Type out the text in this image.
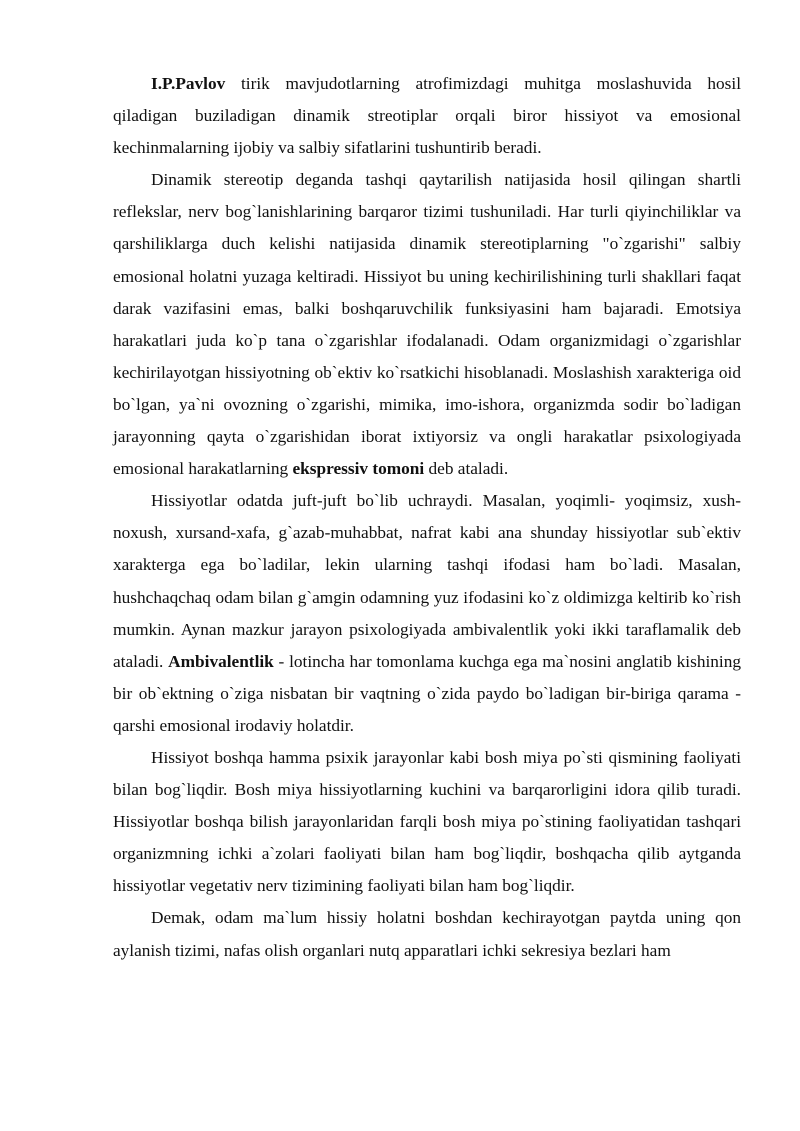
I.P.Pavlov tirik mavjudotlarning atrofimizdagi muhitga moslashuvida hosil qiladigan buziladigan dinamik streotiplar orqali biror hissiyot va emosional kechinmalarning ijobiy va salbiy sifatlarini tushuntirib beradi.

Dinamik stereotip deganda tashqi qaytarilish natijasida hosil qilingan shartli reflekslar, nerv bog`lanishlarining barqaror tizimi tushuniladi. Har turli qiyinchiliklar va qarshiliklarga duch kelishi natijasida dinamik stereotiplarning "o`zgarishi" salbiy emosional holatni yuzaga keltiradi. Hissiyot bu uning kechirilishining turli shakllari faqat darak vazifasini emas, balki boshqaruvchilik funksiyasini ham bajaradi. Emotsiya harakatlari juda ko`p tana o`zgarishlar ifodalanadi. Odam organizmidagi o`zgarishlar kechirilayotgan hissiyotning ob`ektiv ko`rsatkichi hisoblanadi. Moslashish xarakteriga oid bo`lgan, ya`ni ovozning o`zgarishi, mimika, imo-ishora, organizmda sodir bo`ladigan jarayonning qayta o`zgarishidan iborat ixtiyorsiz va ongli harakatlar psixologiyada emosional harakatlarning ekspressiv tomoni deb ataladi.

Hissiyotlar odatda juft-juft bo`lib uchraydi. Masalan, yoqimli- yoqimsiz, xush-noxush, xursand-xafa, g`azab-muhabbat, nafrat kabi ana shunday hissiyotlar sub`ektiv xarakterga ega bo`ladilar, lekin ularning tashqi ifodasi ham bo`ladi. Masalan, hushchaqchaq odam bilan g`amgin odamning yuz ifodasini ko`z oldimizga keltirib ko`rish mumkin. Aynan mazkur jarayon psixologiyada ambivalentlik yoki ikki taraflamalik deb ataladi. Ambivalentlik - lotincha har tomonlama kuchga ega ma`nosini anglatib kishining bir ob`ektning o`ziga nisbatan bir vaqtning o`zida paydo bo`ladigan bir-biriga qarama - qarshi emosional irodaviy holatdir.

Hissiyot boshqa hamma psixik jarayonlar kabi bosh miya po`sti qismining faoliyati bilan bog`liqdir. Bosh miya hissiyotlarning kuchini va barqarorligini idora qilib turadi. Hissiyotlar boshqa bilish jarayonlaridan farqli bosh miya po`stining faoliyatidan tashqari organizmning ichki a`zolari faoliyati bilan ham bog`liqdir, boshqacha qilib aytganda hissiyotlar vegetativ nerv tizimining faoliyati bilan ham bog`liqdir.

Demak, odam ma`lum hissiy holatni boshdan kechirayotgan paytda uning qon aylanish tizimi, nafas olish organlari nutq apparatlari ichki sekresiya bezlari ham
